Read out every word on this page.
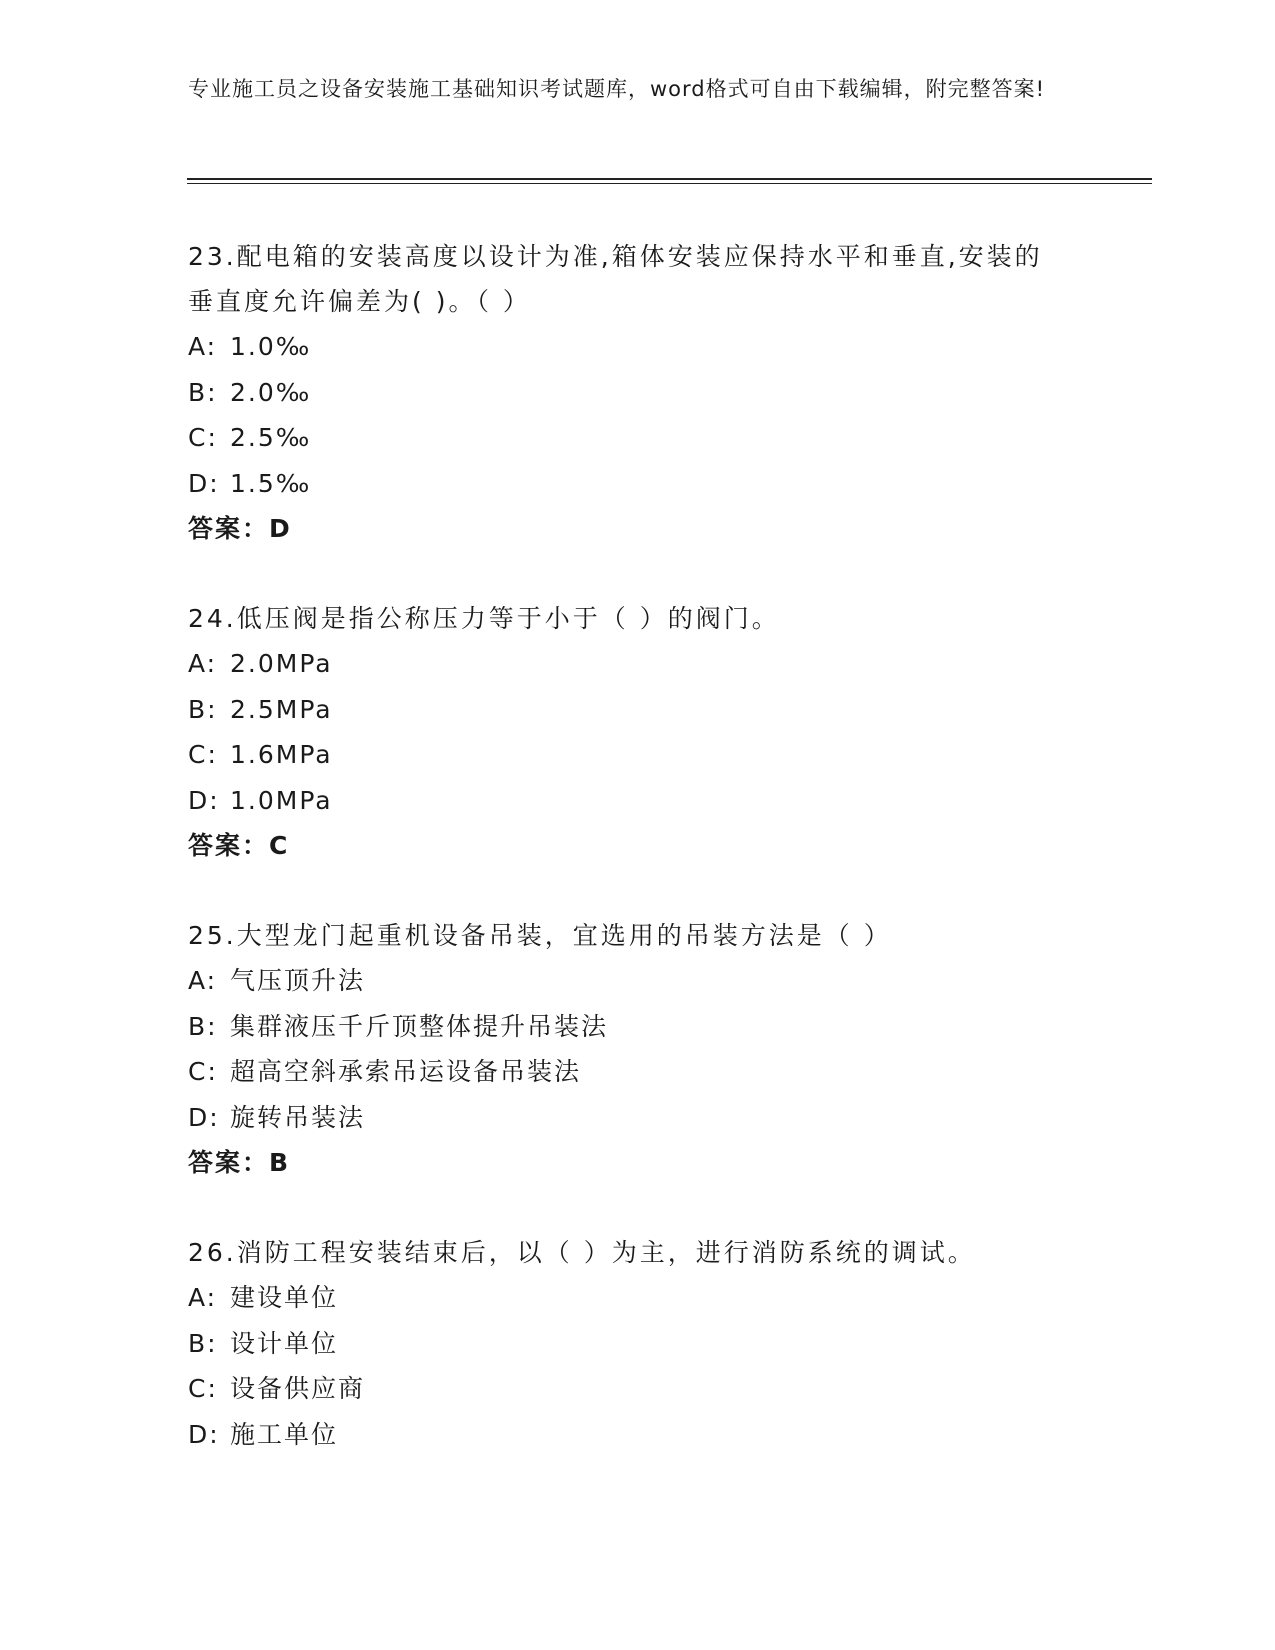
专业施工员之设备安装施工基础知识考试题库，word格式可自由下载编辑，附完整答案!
23.配电箱的安装高度以设计为准,箱体安装应保持水平和垂直,安装的垂直度允许偏差为( )。（ ）
A: 1.0‰
B: 2.0‰
C: 2.5‰
D: 1.5‰
答案：D
24.低压阀是指公称压力等于小于（ ）的阀门。
A: 2.0MPa
B: 2.5MPa
C: 1.6MPa
D: 1.0MPa
答案：C
25.大型龙门起重机设备吊装，宜选用的吊装方法是（ ）
A: 气压顶升法
B: 集群液压千斤顶整体提升吊装法
C: 超高空斜承索吊运设备吊装法
D: 旋转吊装法
答案：B
26.消防工程安装结束后，以（ ）为主，进行消防系统的调试。
A: 建设单位
B: 设计单位
C: 设备供应商
D: 施工单位
